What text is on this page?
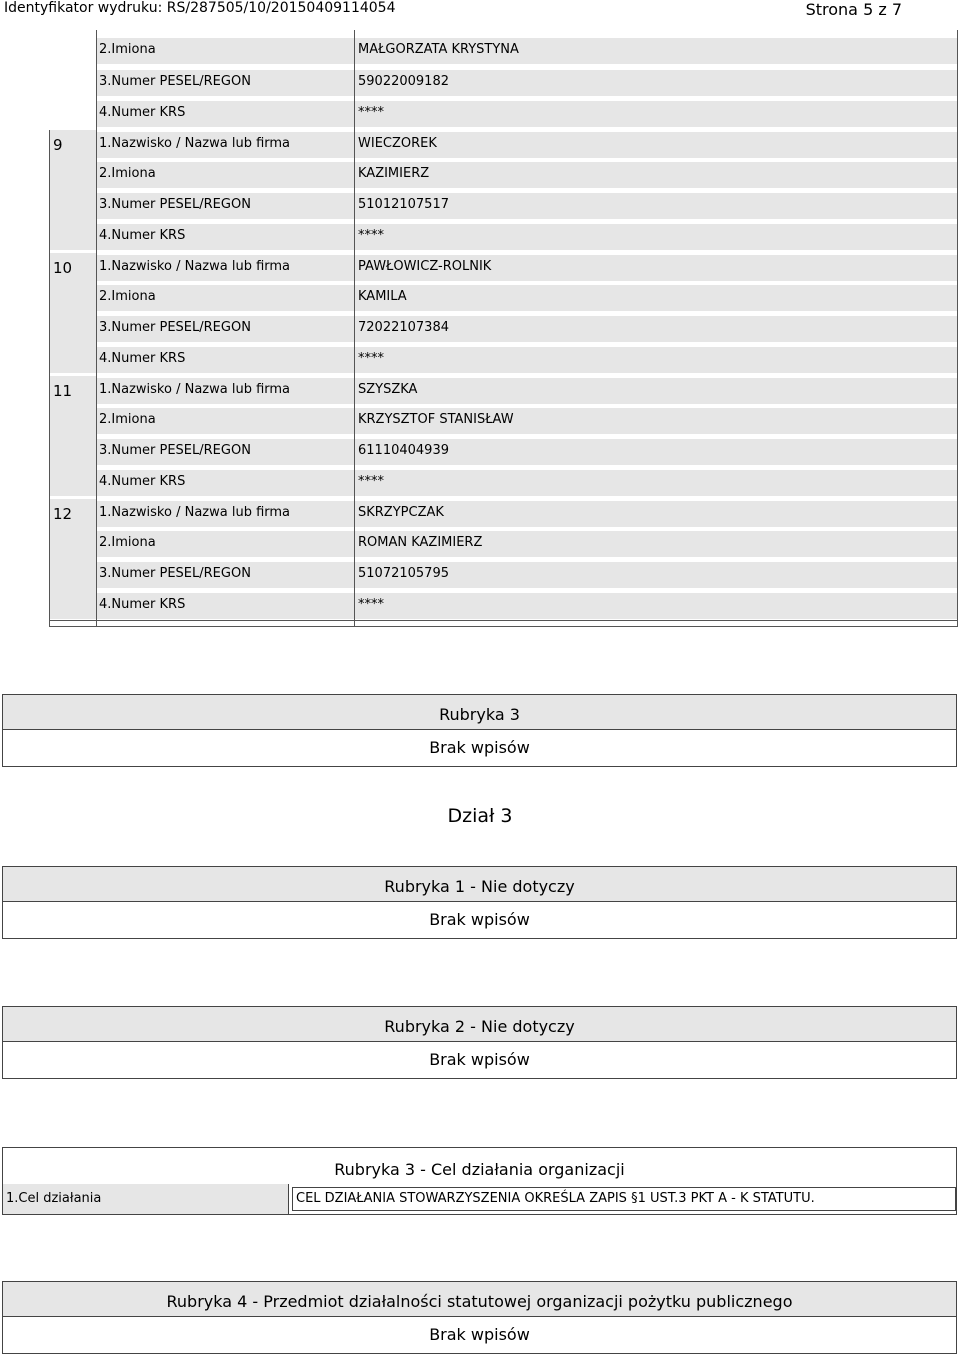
Identyfikator wydruku: RS/287505/10/20150409114054	Strona 5 z 7
2.Imiona	MAŁGORZATA KRYSTYNA
3.Numer PESEL/REGON	59022009182
4.Numer KRS	****
9	1.Nazwisko / Nazwa lub firma	WIECZOREK
2.Imiona	KAZIMIERZ
3.Numer PESEL/REGON	51012107517
4.Numer KRS	****
10	1.Nazwisko / Nazwa lub firma	PAWŁOWICZ-ROLNIK
2.Imiona	KAMILA
3.Numer PESEL/REGON	72022107384
4.Numer KRS	****
11	1.Nazwisko / Nazwa lub firma	SZYSZKA
2.Imiona	KRZYSZTOF STANISŁAW
3.Numer PESEL/REGON	61110404939
4.Numer KRS	****
12	1.Nazwisko / Nazwa lub firma	SKRZYPCZAK
2.Imiona	ROMAN KAZIMIERZ
3.Numer PESEL/REGON	51072105795
4.Numer KRS	****
Rubryka 3
Brak wpisów
Dział 3
Rubryka 1 - Nie dotyczy
Brak wpisów
Rubryka 2 - Nie dotyczy
Brak wpisów
Rubryka 3 - Cel działania organizacji
1.Cel działania	CEL DZIAŁANIA STOWARZYSZENIA OKREŚLA ZAPIS §1 UST.3 PKT A - K STATUTU.
Rubryka 4 - Przedmiot działalności statutowej organizacji pożytku publicznego
Brak wpisów
